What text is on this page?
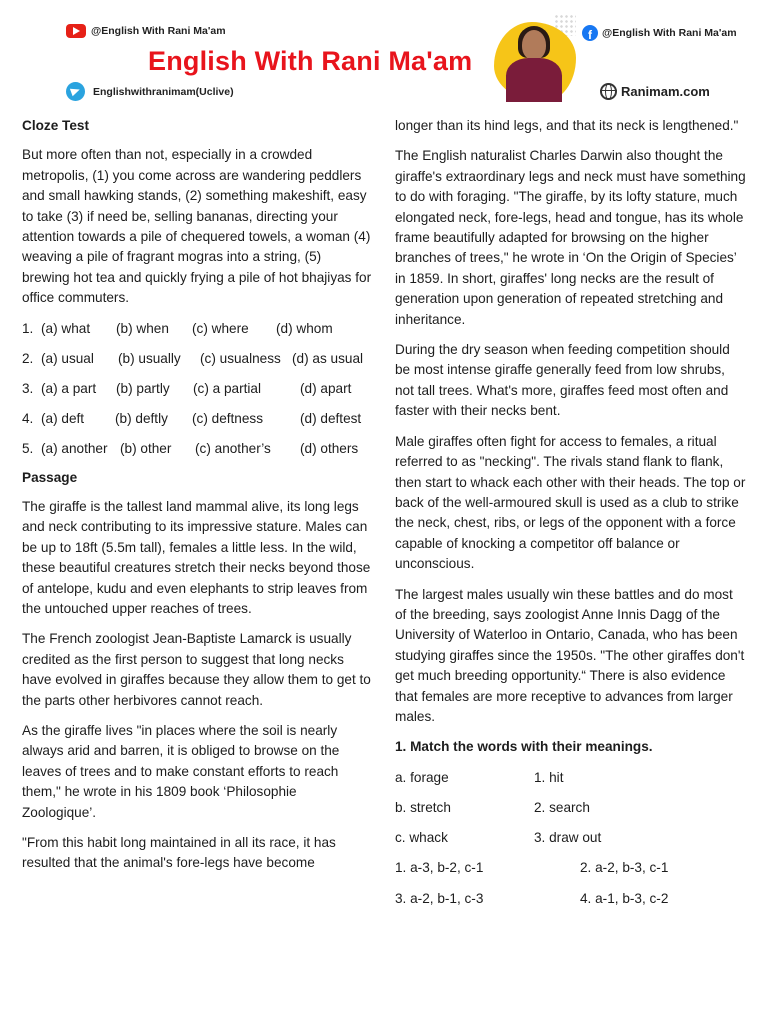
@English With Rani Ma'am
Englishwithranimam(Uclive)
f @English With Rani Ma'am
Ranimam.com
English With Rani Ma'am
Cloze Test
But more often than not, especially in a crowded metropolis, (1) you come across are wandering peddlers and small hawking stands, (2) something makeshift, easy to take (3) if need be, selling bananas, directing your attention towards a pile of chequered towels, a woman (4) weaving a pile of fragrant mogras into a string, (5) brewing hot tea and quickly frying a pile of hot bhajiyas for office commuters.
1. (a) what (b) when (c) where (d) whom
2. (a) usual (b) usually (c) usualness (d) as usual
3. (a) a part (b) partly (c) a partial	(d) apart
4. (a) deft (b) deftly (c) deftness	(d) deftest
5. (a) another (b) other (c) another’s (d) others
Passage
The giraffe is the tallest land mammal alive, its long legs and neck contributing to its impressive stature. Males can be up to 18ft (5.5m tall), females a little less. In the wild, these beautiful creatures stretch their necks beyond those of antelope, kudu and even elephants to strip leaves from the untouched upper reaches of trees.
The French zoologist Jean-Baptiste Lamarck is usually credited as the first person to suggest that long necks have evolved in giraffes because they allow them to get to the parts other herbivores cannot reach.
As the giraffe lives "in places where the soil is nearly always arid and barren, it is obliged to browse on the leaves of trees and to make constant efforts to reach them," he wrote in his 1809 book ‘Philosophie Zoologique’.
"From this habit long maintained in all its race, it has resulted that the animal's fore-legs have become
longer than its hind legs, and that its neck is lengthened."
The English naturalist Charles Darwin also thought the giraffe's extraordinary legs and neck must have something to do with foraging. "The giraffe, by its lofty stature, much elongated neck, fore-legs, head and tongue, has its whole frame beautifully adapted for browsing on the higher branches of trees," he wrote in ‘On the Origin of Species’ in 1859. In short, giraffes' long necks are the result of generation upon generation of repeated stretching and inheritance.
During the dry season when feeding competition should be most intense giraffe generally feed from low shrubs, not tall trees. What's more, giraffes feed most often and faster with their necks bent.
Male giraffes often fight for access to females, a ritual referred to as "necking". The rivals stand flank to flank, then start to whack each other with their heads. The top or back of the well-armoured skull is used as a club to strike the neck, chest, ribs, or legs of the opponent with a force capable of knocking a competitor off balance or unconscious.
The largest males usually win these battles and do most of the breeding, says zoologist Anne Innis Dagg of the University of Waterloo in Ontario, Canada, who has been studying giraffes since the 1950s. "The other giraffes don't get much breeding opportunity.“ There is also evidence that females are more receptive to advances from larger males.
1. Match the words with their meanings.
a. forage	1. hit
b. stretch	2. search
c. whack	3. draw out
1. a-3, b-2, c-1	2. a-2, b-3, c-1
3. a-2, b-1, c-3	4. a-1, b-3, c-2
